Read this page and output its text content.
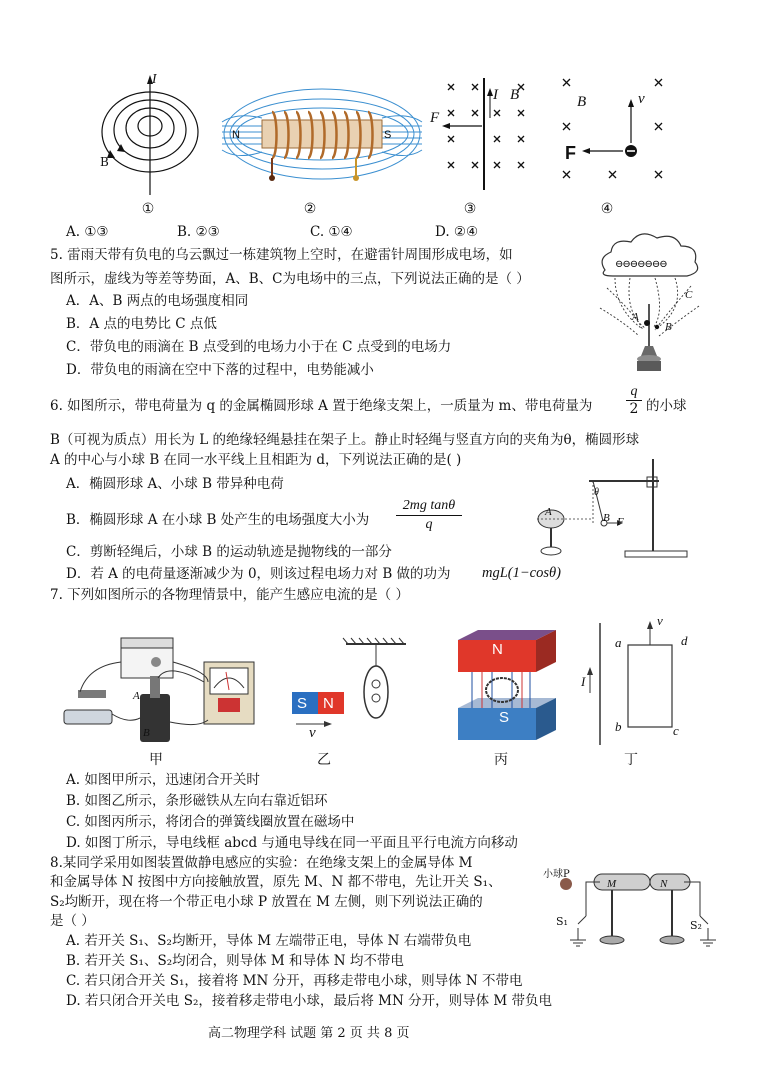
I
B
N	S
F
I B	B	v
F
①	②	③	④
A. ①③	B. ②③	C. ①④	D. ②④
5. 雷雨天带有负电的乌云飘过一栋建筑物上空时，在避雷针周围形成电场，如
图所示，虚线为等差等势面，A、B、C为电场中的三点，下列说法正确的是（ ）
A．A、B 两点的电场强度相同
B．A 点的电势比 C 点低
C．带负电的雨滴在 B 点受到的电场力小于在 C 点受到的电场力
D．带负电的雨滴在空中下落的过程中，电势能减小
⊖⊖⊖⊖⊖⊖⊖
A
B
C
6. 如图所示，带电荷量为 q 的金属椭圆形球 A 置于绝缘支架上，一质量为 m、带电荷量为 $\frac{q}{2}$ 的小球
B（可视为质点）用长为 L 的绝缘轻绳悬挂在架子上。静止时轻绳与竖直方向的夹角为θ，椭圆形球
A 的中心与小球 B 在同一水平线上且相距为 d，下列说法正确的是( )
A．椭圆形球 A、小球 B 带异种电荷
B．椭圆形球 A 在小球 B 处产生的电场强度大小为 $\frac{\text{2mg tanθ}}{q}$
C．剪断轻绳后，小球 B 的运动轨迹是抛物线的一部分
D．若 A 的电荷量逐渐减少为 0，则该过程电场力对 B 做的功为 mgL(1−cosθ)
A	B F
θ
7. 下列如图所示的各物理情景中，能产生感应电流的是（ ）
A
B
S N
v
N
S
a
b	c
d
v
I
甲	乙	丙	丁
A. 如图甲所示，迅速闭合开关时
B. 如图乙所示，条形磁铁从左向右靠近铝环
C. 如图丙所示，将闭合的弹簧线圈放置在磁场中
D. 如图丁所示，导电线框 abcd 与通电导线在同一平面且平行电流方向移动
8.某同学采用如图装置做静电感应的实验：在绝缘支架上的金属导体 M
和金属导体 N 按图中方向接触放置，原先 M、N 都不带电，先让开关 S₁、
S₂均断开，现在将一个带正电小球 P 放置在 M 左侧，则下列说法正确的
是（ ）
A. 若开关 S₁、S₂均断开，导体 M 左端带正电，导体 N 右端带负电
B. 若开关 S₁、S₂均闭合，则导体 M 和导体 N 均不带电
C. 若只闭合开关 S₁，接着将 MN 分开，再移走带电小球，则导体 N 不带电
D. 若只闭合开关电 S₂，接着移走带电小球，最后将 MN 分开，则导体 M 带负电
小球P
M	N
S₁	S₂
高二物理学科 试题 第 2 页 共 8 页
